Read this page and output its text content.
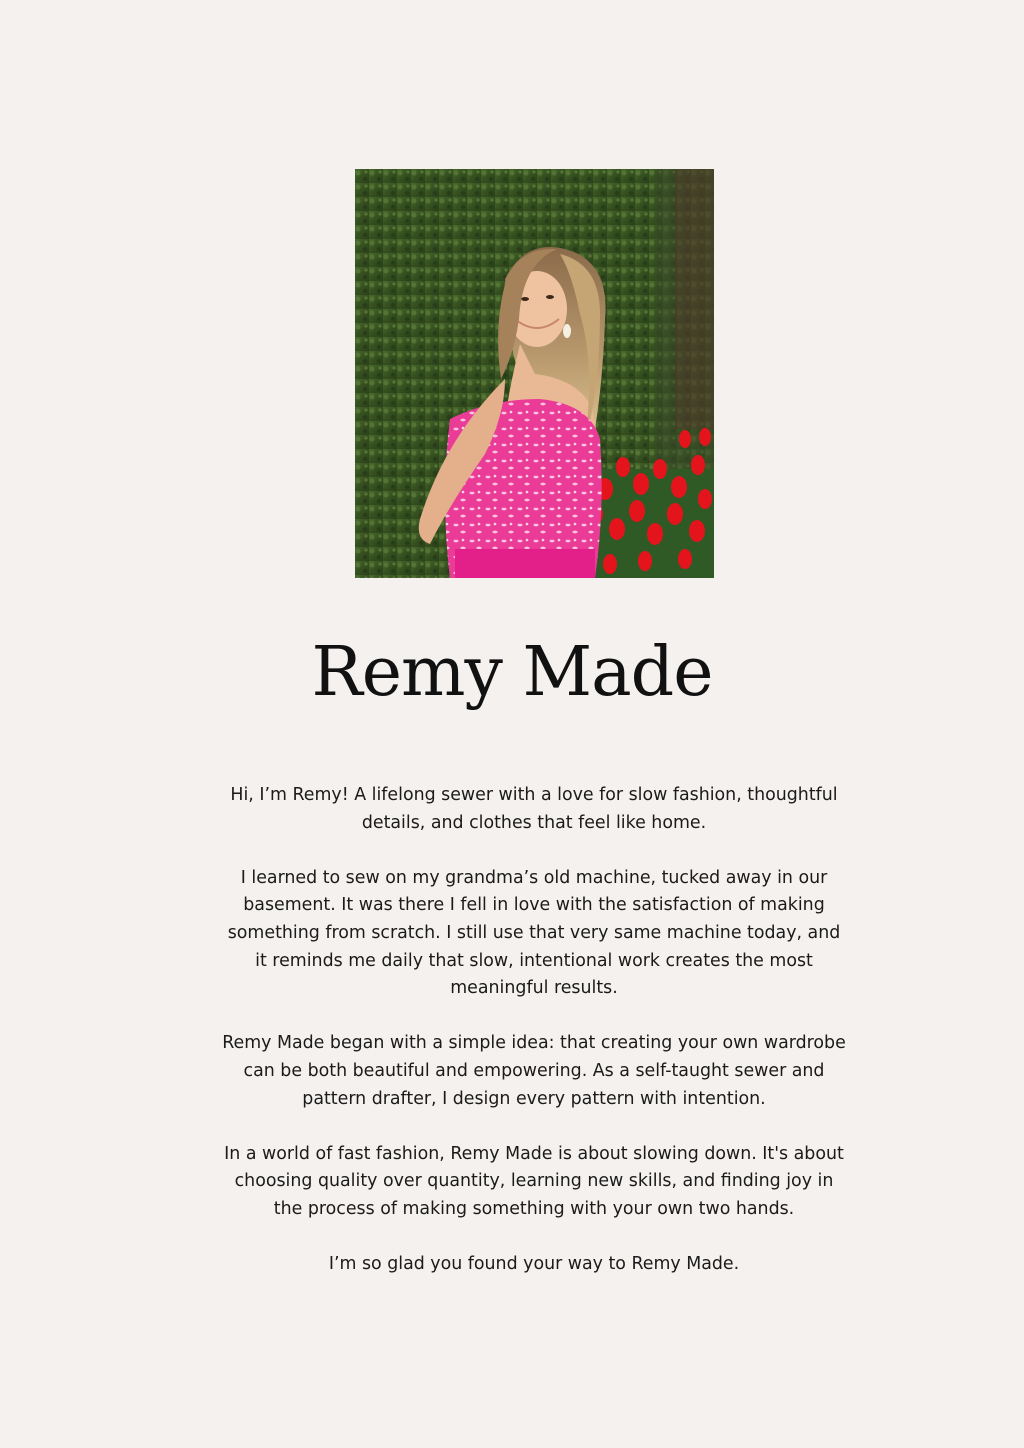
Remy Made

Hi, I’m Remy! A lifelong sewer with a love for slow fashion, thoughtful details, and clothes that feel like home.

I learned to sew on my grandma’s old machine, tucked away in our basement. It was there I fell in love with the satisfaction of making something from scratch. I still use that very same machine today, and it reminds me daily that slow, intentional work creates the most meaningful results.

Remy Made began with a simple idea: that creating your own wardrobe can be both beautiful and empowering. As a self-taught sewer and pattern drafter, I design every pattern with intention.

In a world of fast fashion, Remy Made is about slowing down. It's about choosing quality over quantity, learning new skills, and finding joy in the process of making something with your own two hands.

I’m so glad you found your way to Remy Made.
